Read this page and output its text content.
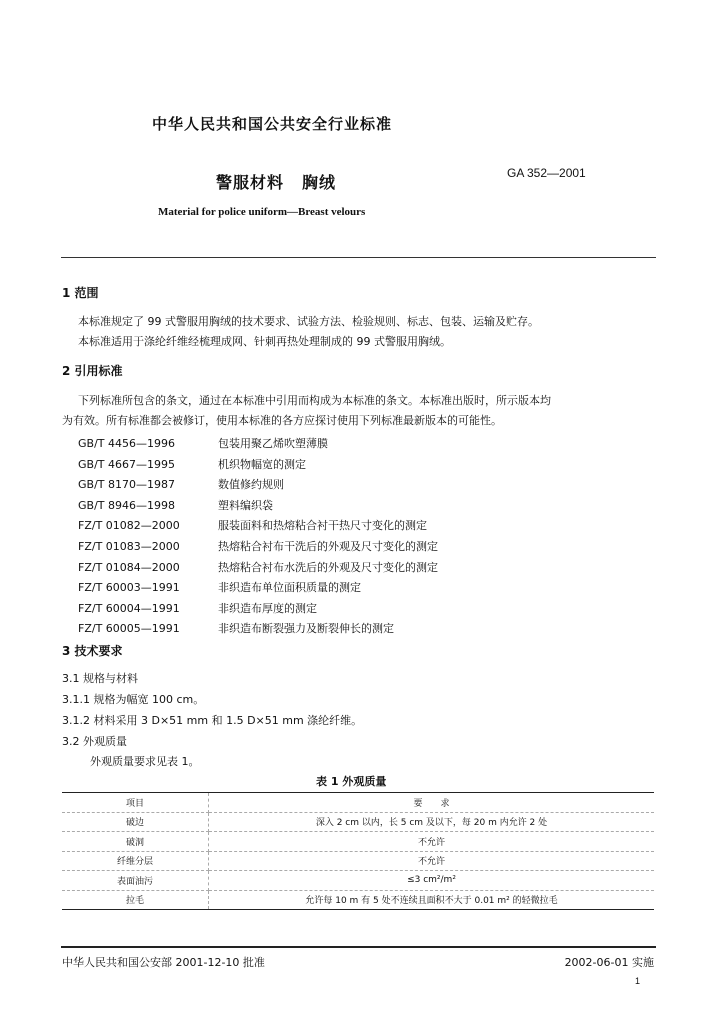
中华人民共和国公共安全行业标准
警服材料 胸绒	GA 352—2001
Material for police uniform—Breast velours
1 范围
本标准规定了 99 式警服用胸绒的技术要求、试验方法、检验规则、标志、包装、运输及贮存。
本标准适用于涤纶纤维经梳理成网、针刺再热处理制成的 99 式警服用胸绒。
2 引用标准
下列标准所包含的条文，通过在本标准中引用而构成为本标准的条文。本标准出版时，所示版本均
为有效。所有标准都会被修订，使用本标准的各方应探讨使用下列标准最新版本的可能性。
GB/T 4456—1996	包装用聚乙烯吹塑薄膜
GB/T 4667—1995	机织物幅宽的测定
GB/T 8170—1987	数值修约规则
GB/T 8946—1998	塑料编织袋
FZ/T 01082—2000	服装面料和热熔粘合衬干热尺寸变化的测定
FZ/T 01083—2000	热熔粘合衬布干洗后的外观及尺寸变化的测定
FZ/T 01084—2000	热熔粘合衬布水洗后的外观及尺寸变化的测定
FZ/T 60003—1991	非织造布单位面积质量的测定
FZ/T 60004—1991	非织造布厚度的测定
FZ/T 60005—1991	非织造布断裂强力及断裂伸长的测定
3 技术要求
3.1 规格与材料
3.1.1 规格为幅宽 100 cm。
3.1.2 材料采用 3 D×51 mm 和 1.5 D×51 mm 涤纶纤维。
3.2 外观质量
外观质量要求见表 1。
表 1 外观质量
项目	要　　求
破边	深入 2 cm 以内，长 5 cm 及以下，每 20 m 内允许 2 处
破洞	不允许
纤维分层	不允许
表面油污	≤3 cm²/m²
拉毛	允许每 10 m 有 5 处不连续且面积不大于 0.01 m² 的轻微拉毛
中华人民共和国公安部 2001-12-10 批准	2002-06-01 实施
1
